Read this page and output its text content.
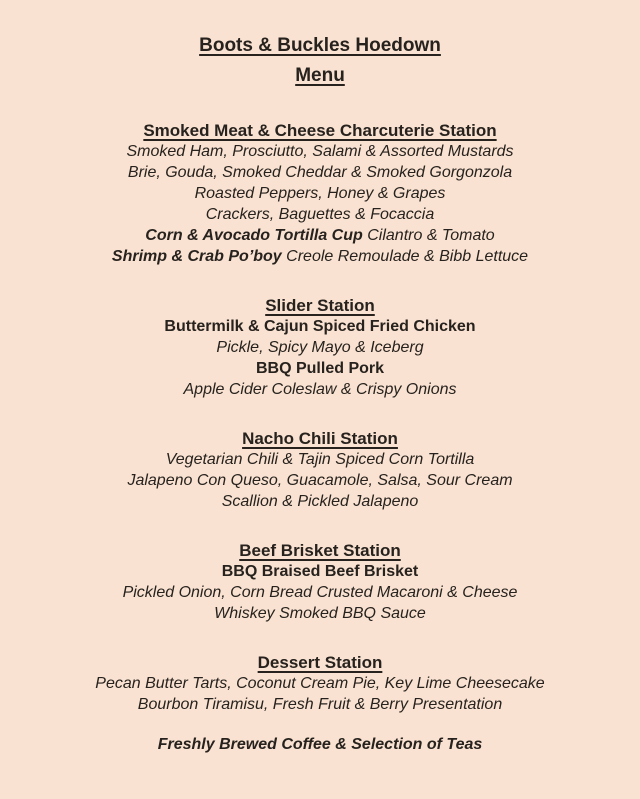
Boots & Buckles Hoedown
Menu
Smoked Meat & Cheese Charcuterie Station

Smoked Ham, Prosciutto, Salami & Assorted Mustards

Brie, Gouda, Smoked Cheddar & Smoked Gorgonzola

Roasted Peppers, Honey & Grapes

Crackers, Baguettes & Focaccia

Corn & Avocado Tortilla Cup Cilantro & Tomato

Shrimp & Crab Po’boy Creole Remoulade & Bibb Lettuce

Slider Station

Buttermilk & Cajun Spiced Fried Chicken

Pickle, Spicy Mayo & Iceberg

BBQ Pulled Pork

Apple Cider Coleslaw & Crispy Onions

Nacho Chili Station

Vegetarian Chili & Tajin Spiced Corn Tortilla

Jalapeno Con Queso, Guacamole, Salsa, Sour Cream

Scallion & Pickled Jalapeno

Beef Brisket Station

BBQ Braised Beef Brisket

Pickled Onion, Corn Bread Crusted Macaroni & Cheese

Whiskey Smoked BBQ Sauce

Dessert Station

Pecan Butter Tarts, Coconut Cream Pie, Key Lime Cheesecake

Bourbon Tiramisu, Fresh Fruit & Berry Presentation

Freshly Brewed Coffee & Selection of Teas
